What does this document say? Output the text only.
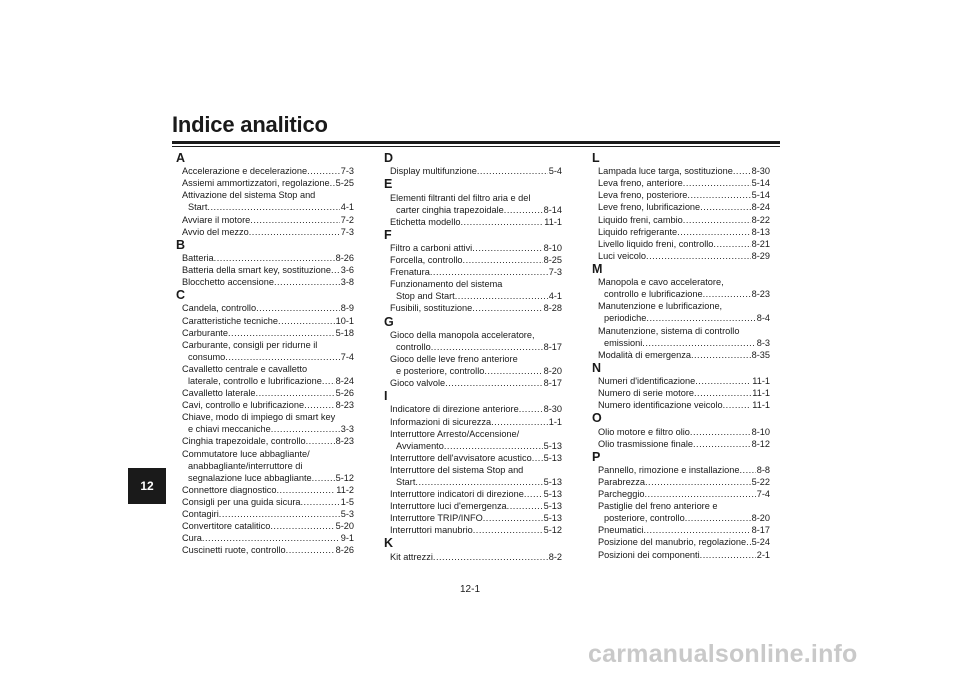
Indice analitico
12
A
Accelerazione e decelerazione .....	7-3
Assiemi ammortizzatori, regolazione ..... 5-25
Attivazione del sistema Stop and
Start .....	4-1
Avviare il motore .....	7-2
Avvio del mezzo .....	7-3
B
Batteria .....	8-26
Batteria della smart key, sostituzione ..... 3-6
Blocchetto accensione .....	3-8
C
Candela, controllo .....	8-9
Caratteristiche tecniche .....	10-1
Carburante .....	5-18
Carburante, consigli per ridurne il
consumo .....	7-4
Cavalletto centrale e cavalletto
laterale, controllo e lubrificazione ..... 8-24
Cavalletto laterale .....	5-26
Cavi, controllo e lubrificazione .....	8-23
Chiave, modo di impiego di smart key
e chiavi meccaniche .....	3-3
Cinghia trapezoidale, controllo .....	8-23
Commutatore luce abbagliante/
anabbagliante/interruttore di
segnalazione luce abbagliante .....	5-12
Connettore diagnostico .....	11-2
Consigli per una guida sicura .....	1-5
Contagiri .....	5-3
Convertitore catalitico .....	5-20
Cura .....	9-1
Cuscinetti ruote, controllo .....	8-26
D
Display multifunzione .....	5-4
E
Elementi filtranti del filtro aria e del
carter cinghia trapezoidale .....	8-14
Etichetta modello .....	11-1
F
Filtro a carboni attivi .....	8-10
Forcella, controllo .....	8-25
Frenatura .....	7-3
Funzionamento del sistema
Stop and Start .....	4-1
Fusibili, sostituzione .....	8-28
G
Gioco della manopola acceleratore,
controllo .....	8-17
Gioco delle leve freno anteriore
e posteriore, controllo .....	8-20
Gioco valvole .....	8-17
I
Indicatore di direzione anteriore .....	8-30
Informazioni di sicurezza .....	1-1
Interruttore Arresto/Accensione/
Avviamento .....	5-13
Interruttore dell'avvisatore acustico ..... 5-13
Interruttore del sistema Stop and
Start .....	5-13
Interruttore indicatori di direzione ..... 5-13
Interruttore luci d'emergenza .....	5-13
Interruttore TRIP/INFO .....	5-13
Interruttori manubrio .....	5-12
K
Kit attrezzi .....	8-2
L
Lampada luce targa, sostituzione ..... 8-30
Leva freno, anteriore .....	5-14
Leva freno, posteriore .....	5-14
Leve freno, lubrificazione .....	8-24
Liquido freni, cambio .....	8-22
Liquido refrigerante .....	8-13
Livello liquido freni, controllo .....	8-21
Luci veicolo .....	8-29
M
Manopola e cavo acceleratore,
controllo e lubrificazione .....	8-23
Manutenzione e lubrificazione,
periodiche .....	8-4
Manutenzione, sistema di controllo
emissioni .....	8-3
Modalità di emergenza .....	8-35
N
Numeri d'identificazione .....	11-1
Numero di serie motore .....	11-1
Numero identificazione veicolo .....	11-1
O
Olio motore e filtro olio .....	8-10
Olio trasmissione finale .....	8-12
P
Pannello, rimozione e installazione ..... 8-8
Parabrezza .....	5-22
Parcheggio .....	7-4
Pastiglie del freno anteriore e
posteriore, controllo .....	8-20
Pneumatici .....	8-17
Posizione del manubrio, regolazione ..... 5-24
Posizioni dei componenti .....	2-1
12-1
carmanualsonline.info
